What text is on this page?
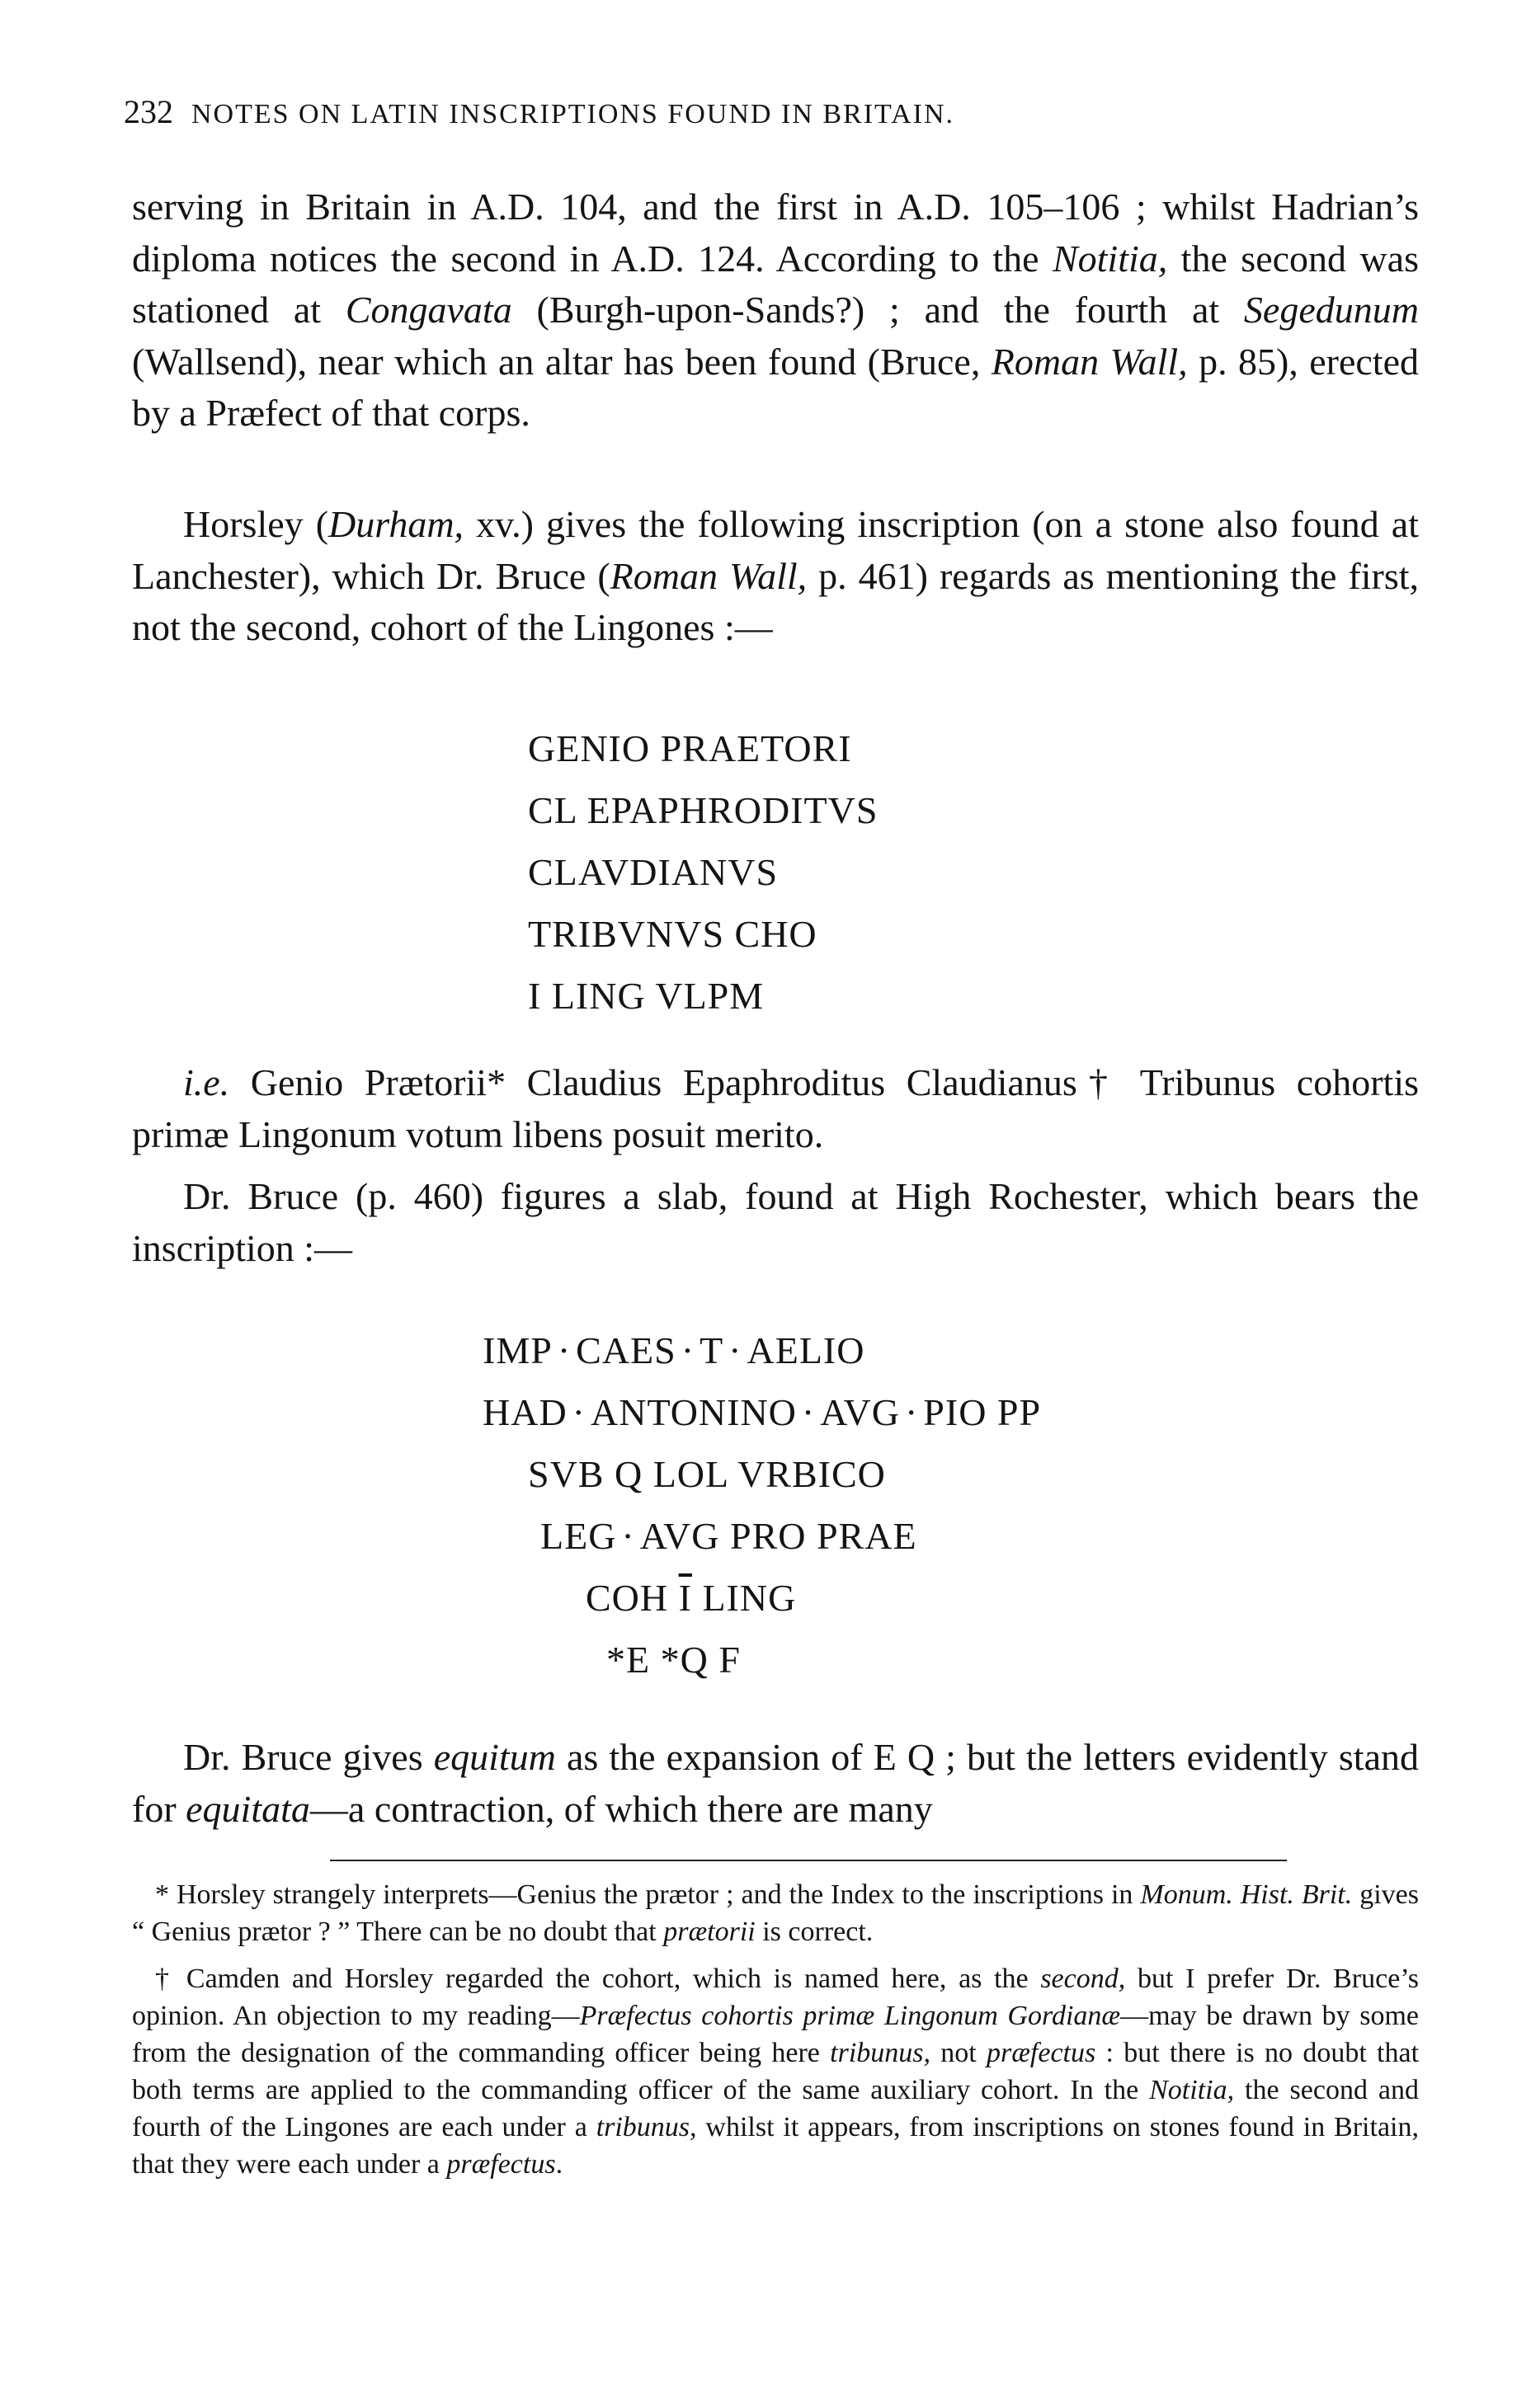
232 NOTES ON LATIN INSCRIPTIONS FOUND IN BRITAIN.

serving in Britain in A.D. 104, and the first in A.D. 105–106 ; whilst Hadrian’s diploma notices the second in A.D. 124. According to the Notitia, the second was stationed at Congavata (Burgh-upon-Sands?) ; and the fourth at Segedunum (Wallsend), near which an altar has been found (Bruce, Roman Wall, p. 85), erected by a Præfect of that corps.

Horsley (Durham, xv.) gives the following inscription (on a stone also found at Lanchester), which Dr. Bruce (Roman Wall, p. 461) regards as mentioning the first, not the second, cohort of the Lingones :—

GENIO PRAETORI
CL EPAPHRODITVS
CLAVDIANVS
TRIBVNVS CHO
I LING VLPM

i.e. Genio Prætorii* Claudius Epaphroditus Claudianus† Tribunus cohortis primæ Lingonum votum libens posuit merito.

Dr. Bruce (p. 460) figures a slab, found at High Rochester, which bears the inscription :—

IMP · CAES · T · AELIO
HAD · ANTONINO · AVG · PIO PP
SVB Q LOL VRBICO
LEG · AVG PRO PRAE
COH $\overline{I}$ LING
*E *Q F

Dr. Bruce gives equitum as the expansion of E Q ; but the letters evidently stand for equitata—a contraction, of which there are many

* Horsley strangely interprets—Genius the prætor ; and the Index to the inscriptions in Monum. Hist. Brit. gives “ Genius prætor ? ” There can be no doubt that prætorii is correct.

† Camden and Horsley regarded the cohort, which is named here, as the second, but I prefer Dr. Bruce’s opinion. An objection to my reading—Præfectus cohortis primæ Lingonum Gordianæ—may be drawn by some from the designation of the commanding officer being here tribunus, not præfectus : but there is no doubt that both terms are applied to the commanding officer of the same auxiliary cohort. In the Notitia, the second and fourth of the Lingones are each under a tribunus, whilst it appears, from inscriptions on stones found in Britain, that they were each under a præfectus.
